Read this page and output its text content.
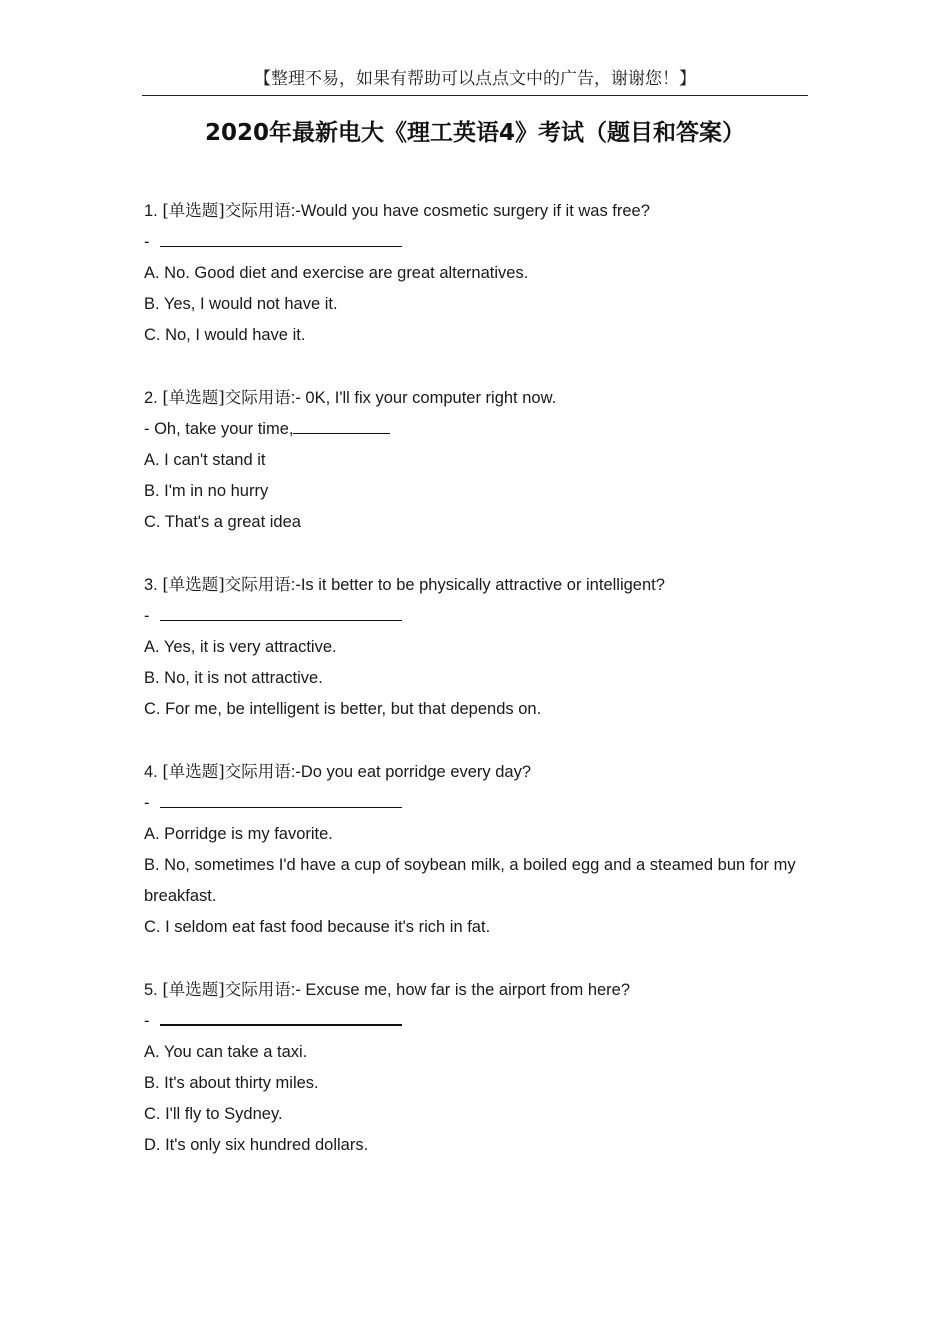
【整理不易，如果有帮助可以点点文中的广告，谢谢您！】
2020年最新电大《理工英语4》考试（题目和答案）
1. [单选题]交际用语:-Would you have cosmetic surgery if it was free?
-
A. No. Good diet and exercise are great alternatives.
B. Yes, I would not have it.
C. No, I would have it.
2. [单选题]交际用语:- 0K, I'll fix your computer right now.
- Oh, take your time,
A. I can't stand it
B. I'm in no hurry
C. That's a great idea
3. [单选题]交际用语:-Is it better to be physically attractive or intelligent?
-
A. Yes, it is very attractive.
B. No, it is not attractive.
C. For me, be intelligent is better, but that depends on.
4. [单选题]交际用语:-Do you eat porridge every day?
-
A. Porridge is my favorite.
B. No, sometimes I'd have a cup of soybean milk, a boiled egg and a steamed bun for my breakfast.
C. I seldom eat fast food because it's rich in fat.
5. [单选题]交际用语:- Excuse me, how far is the airport from here?
-
A. You can take a taxi.
B. It's about thirty miles.
C. I'll fly to Sydney.
D. It's only six hundred dollars.
